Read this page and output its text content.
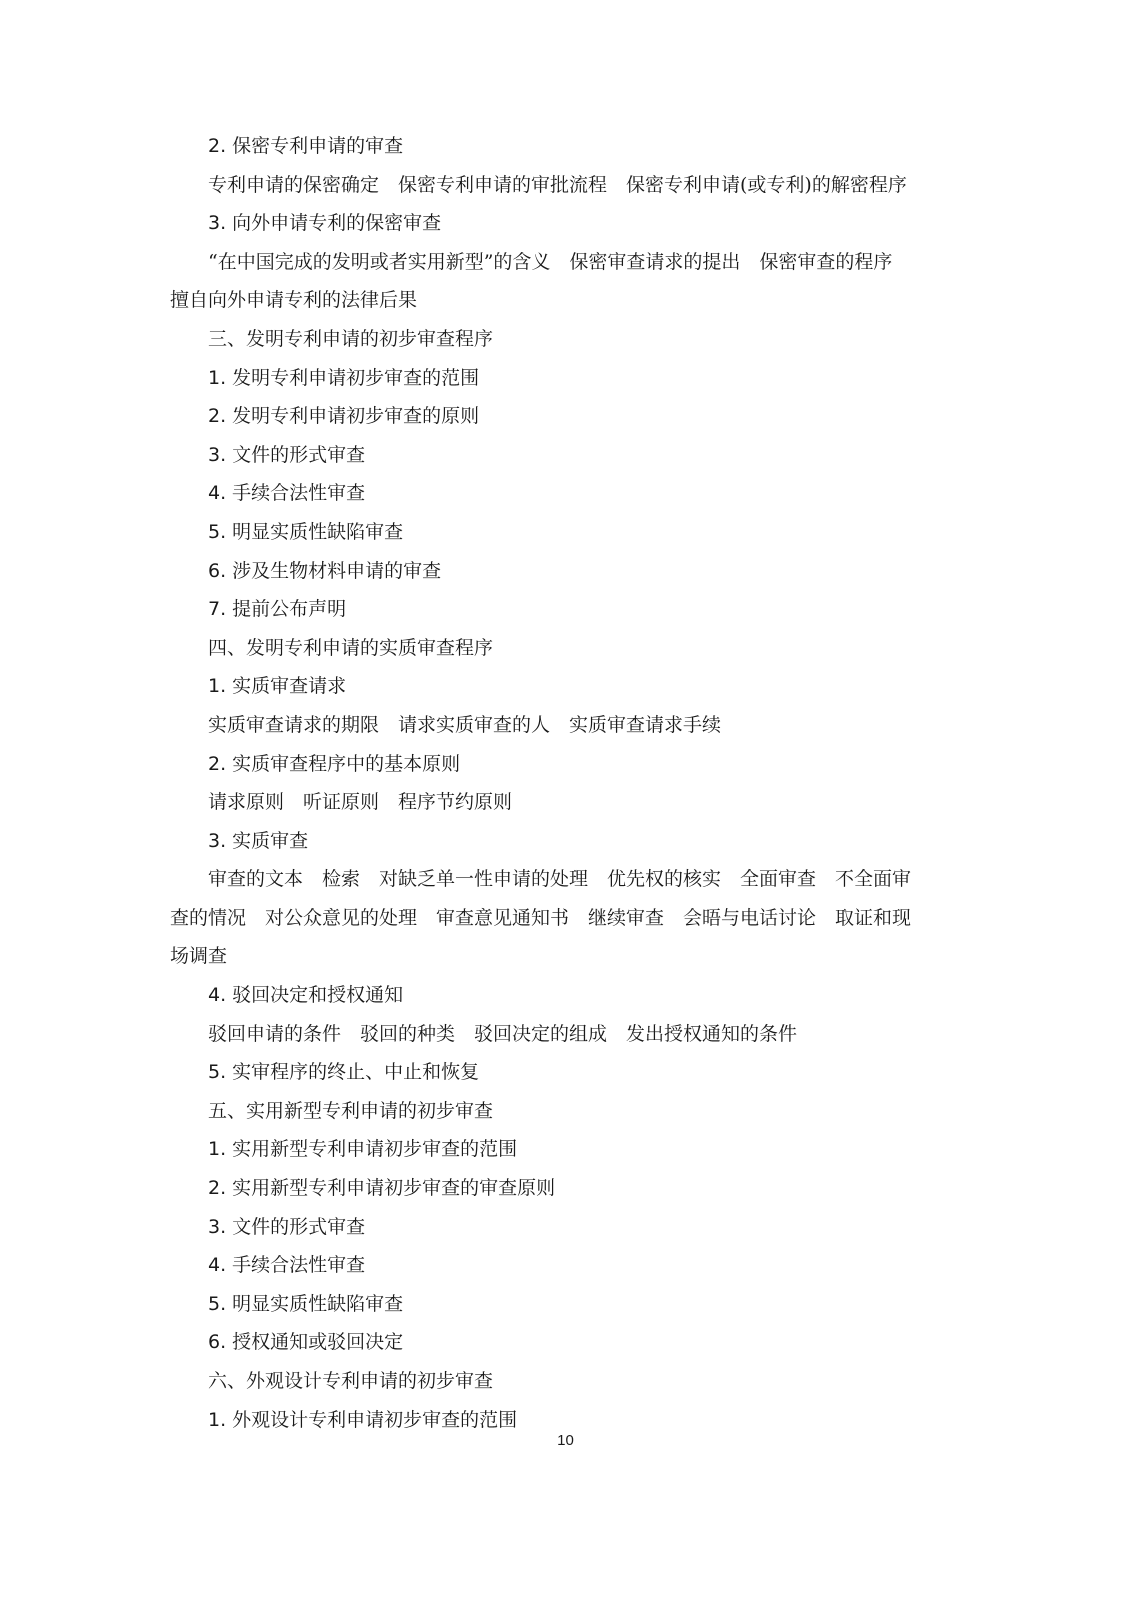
2. 保密专利申请的审查
专利申请的保密确定　保密专利申请的审批流程　保密专利申请(或专利)的解密程序
3. 向外申请专利的保密审查
“在中国完成的发明或者实用新型”的含义　保密审查请求的提出　保密审查的程序
擅自向外申请专利的法律后果
三、发明专利申请的初步审查程序
1. 发明专利申请初步审查的范围
2. 发明专利申请初步审查的原则
3. 文件的形式审查
4. 手续合法性审查
5. 明显实质性缺陷审查
6. 涉及生物材料申请的审查
7. 提前公布声明
四、发明专利申请的实质审查程序
1. 实质审查请求
实质审查请求的期限　请求实质审查的人　实质审查请求手续
2. 实质审查程序中的基本原则
请求原则　听证原则　程序节约原则
3. 实质审查
审查的文本　检索　对缺乏单一性申请的处理　优先权的核实　全面审查　不全面审
查的情况　对公众意见的处理　审查意见通知书　继续审查　会晤与电话讨论　取证和现
场调查
4. 驳回决定和授权通知
驳回申请的条件　驳回的种类　驳回决定的组成　发出授权通知的条件
5. 实审程序的终止、中止和恢复
五、实用新型专利申请的初步审查
1. 实用新型专利申请初步审查的范围
2. 实用新型专利申请初步审查的审查原则
3. 文件的形式审查
4. 手续合法性审查
5. 明显实质性缺陷审查
6. 授权通知或驳回决定
六、外观设计专利申请的初步审查
1. 外观设计专利申请初步审查的范围
10
